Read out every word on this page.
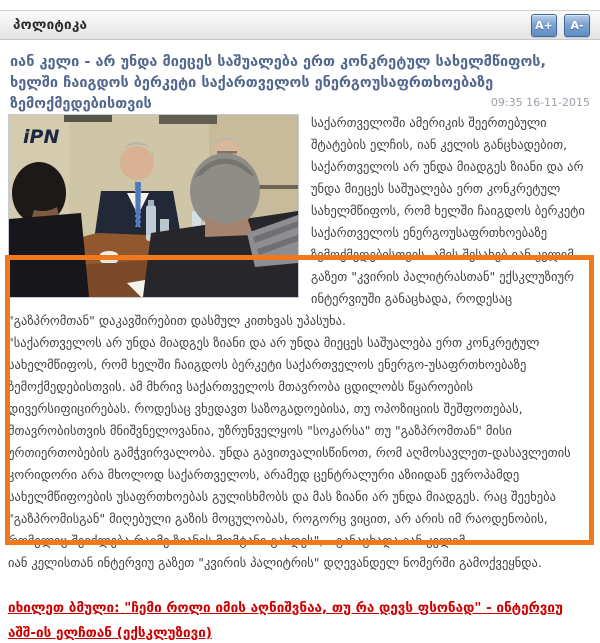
პოლიტიკა	A+	A-
იან კელი - არ უნდა მიეცეს საშუალება ერთ კონკრეტულ სახელმწიფოს, ხელში ჩაიგდოს ბერკეტი საქართველოს ენერგოუსაფრთხოებაზე ზემოქმედებისთვის	09:35 16-11-2015
iPN

საქართველოში ამერიკის შეერთებული შტატების ელჩის, იან კელის განცხადებით, საქართველოს არ უნდა მიადგეს ზიანი და არ უნდა მიეცეს საშუალება ერთ კონკრეტულ სახელმწიფოს, რომ ხელში ჩაიგდოს ბერკეტი საქართველოს ენერგოუსაფრთხოებაზე ზემოქმედებისთვის. ამის შესახებ იან კელიმ გაზეთ "კვირის პალიტრასთან" ექსკლუზიურ ინტერვიუში განაცხადა, როდესაც "გაზპრომთან" დაკავშირებით დასმულ კითხვას უპასუხა.

"საქართველოს არ უნდა მიადგეს ზიანი და არ უნდა მიეცეს საშუალება ერთ კონკრეტულ სახელმწიფოს, რომ ხელში ჩაიგდოს ბერკეტი საქართველოს ენერგო-უსაფრთხოებაზე ზემოქმედებისთვის. ამ მხრივ საქართველოს მთავრობა ცდილობს წყაროების დივერსიფიცირებას. როდესაც ვხედავთ საზოგადოებისა, თუ ოპოზიციის შეშფოთებას, მთავრობისთვის მნიშვნელოვანია, უზრუნველყოს "სოკარსა" თუ "გაზპრომთან" მისი ურთიერთობების გამჭვირვალობა. უნდა გავითვალისწინოთ, რომ აღმოსავლეთ-დასავლეთის კორიდორი არა მხოლოდ საქართველოს, არამედ ცენტრალური აზიიდან ევროპამდე სახელმწიფოების უსაფრთხოებას გულისხმობს და მას ზიანი არ უნდა მიადგეს. რაც შეეხება "გაზპრომისგან" მიღებული გაზის მოცულობას, როგორც ვიცით, არ არის იმ რაოდენობის, რომელიც შეიძლება რაიმე ზიანის მომტანი გახდეს", - განაცხადა იან კელიმ.

იან კელისთან ინტერვიუ გაზეთ "კვირის პალიტრის" დღევანდელ ნომერში გამოქვეყნდა.

იხილეთ ბმული: "ჩემი როლი იმის აღნიშვნაა, თუ რა დევს ფსონად" - ინტერვიუ აშშ-ის ელჩთან (ექსკლუზივი)
